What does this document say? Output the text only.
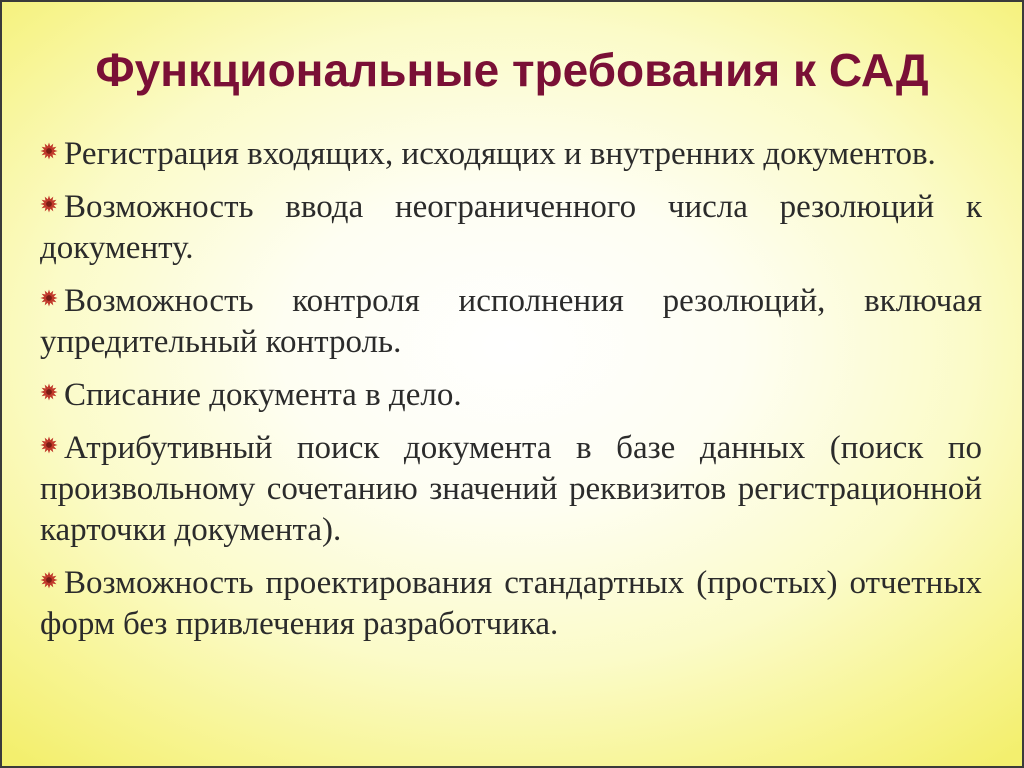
Функциональные требования к САД
Регистрация входящих, исходящих и внутренних документов.
Возможность ввода неограниченного числа резолюций к документу.
Возможность контроля исполнения резолюций, включая упредительный контроль.
Списание документа в дело.
Атрибутивный поиск документа в базе данных (поиск по произвольному сочетанию значений реквизитов регистрационной карточки документа).
Возможность проектирования стандартных (простых) отчетных форм без привлечения разработчика.
